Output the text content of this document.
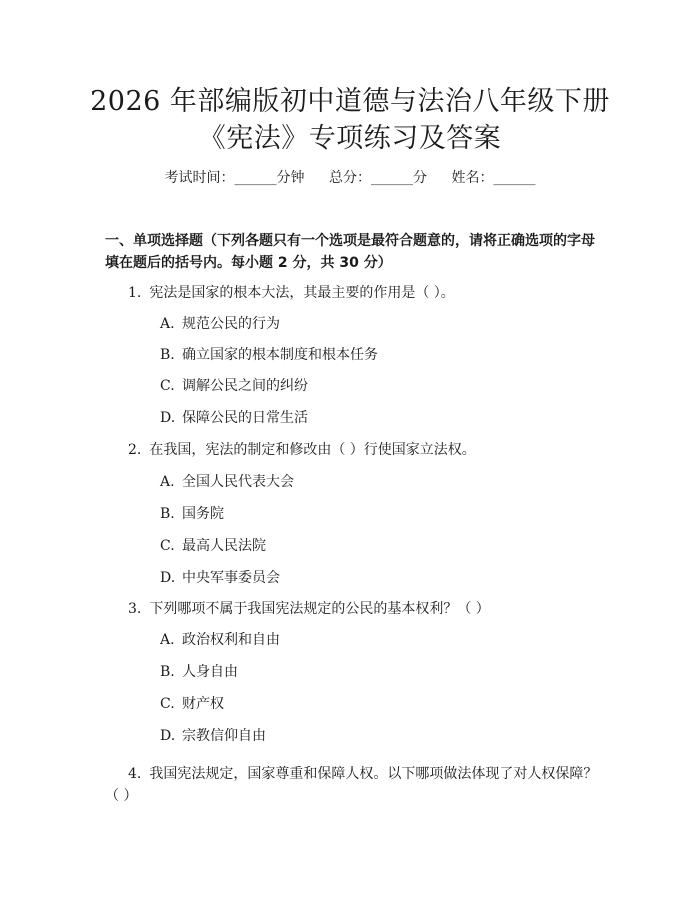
2026 年部编版初中道德与法治八年级下册
《宪法》专项练习及答案
考试时间：______分钟 总分：______分 姓名：______
一、单项选择题（下列各题只有一个选项是最符合题意的，请将正确选项的字母填在题后的括号内。每小题 2 分，共 30 分）
1. 宪法是国家的根本大法，其最主要的作用是（ ）。
A. 规范公民的行为
B. 确立国家的根本制度和根本任务
C. 调解公民之间的纠纷
D. 保障公民的日常生活
2. 在我国，宪法的制定和修改由（ ）行使国家立法权。
A. 全国人民代表大会
B. 国务院
C. 最高人民法院
D. 中央军事委员会
3. 下列哪项不属于我国宪法规定的公民的基本权利？（ ）
A. 政治权利和自由
B. 人身自由
C. 财产权
D. 宗教信仰自由
4. 我国宪法规定，国家尊重和保障人权。以下哪项做法体现了对人权保障？（ ）
